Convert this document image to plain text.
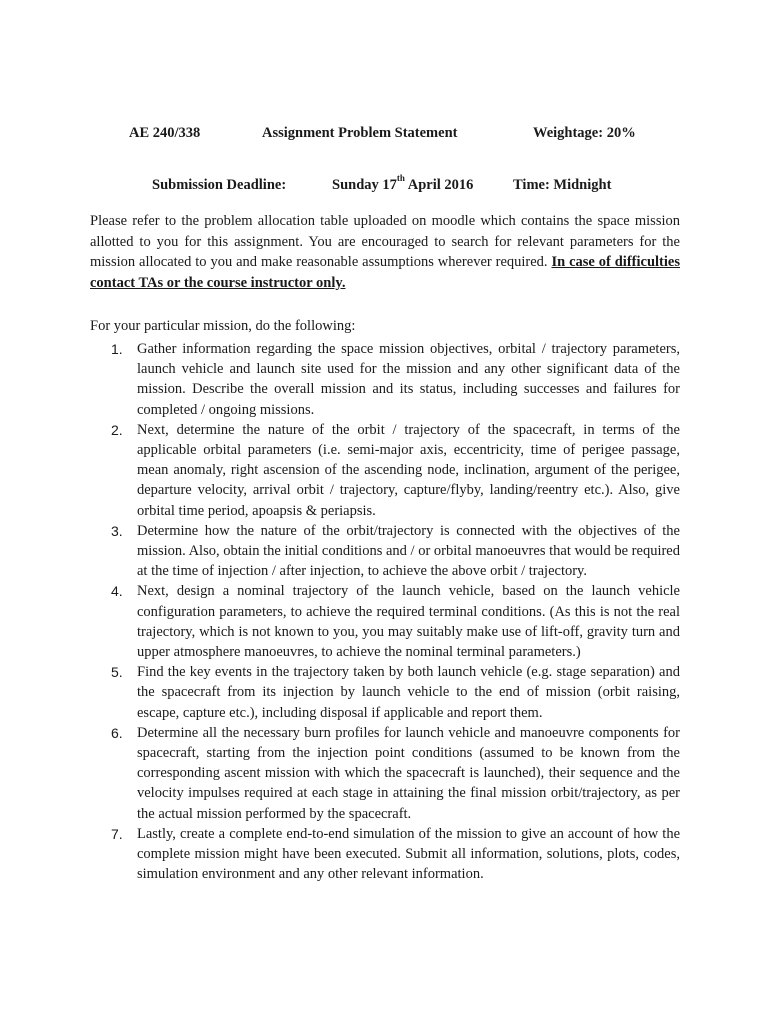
AE 240/338	Assignment Problem Statement	Weightage: 20%
Submission Deadline:	Sunday 17th April 2016	Time: Midnight

Please refer to the problem allocation table uploaded on moodle which contains the space mission allotted to you for this assignment. You are encouraged to search for relevant parameters for the mission allocated to you and make reasonable assumptions wherever required. In case of difficulties contact TAs or the course instructor only.

For your particular mission, do the following:
1. Gather information regarding the space mission objectives, orbital / trajectory parameters, launch vehicle and launch site used for the mission and any other significant data of the mission. Describe the overall mission and its status, including successes and failures for completed / ongoing missions.
2. Next, determine the nature of the orbit / trajectory of the spacecraft, in terms of the applicable orbital parameters (i.e. semi-major axis, eccentricity, time of perigee passage, mean anomaly, right ascension of the ascending node, inclination, argument of the perigee, departure velocity, arrival orbit / trajectory, capture/flyby, landing/reentry etc.). Also, give orbital time period, apoapsis & periapsis.
3. Determine how the nature of the orbit/trajectory is connected with the objectives of the mission. Also, obtain the initial conditions and / or orbital manoeuvres that would be required at the time of injection / after injection, to achieve the above orbit / trajectory.
4. Next, design a nominal trajectory of the launch vehicle, based on the launch vehicle configuration parameters, to achieve the required terminal conditions. (As this is not the real trajectory, which is not known to you, you may suitably make use of lift-off, gravity turn and upper atmosphere manoeuvres, to achieve the nominal terminal parameters.)
5. Find the key events in the trajectory taken by both launch vehicle (e.g. stage separation) and the spacecraft from its injection by launch vehicle to the end of mission (orbit raising, escape, capture etc.), including disposal if applicable and report them.
6. Determine all the necessary burn profiles for launch vehicle and manoeuvre components for spacecraft, starting from the injection point conditions (assumed to be known from the corresponding ascent mission with which the spacecraft is launched), their sequence and the velocity impulses required at each stage in attaining the final mission orbit/trajectory, as per the actual mission performed by the spacecraft.
7. Lastly, create a complete end-to-end simulation of the mission to give an account of how the complete mission might have been executed. Submit all information, solutions, plots, codes, simulation environment and any other relevant information.
